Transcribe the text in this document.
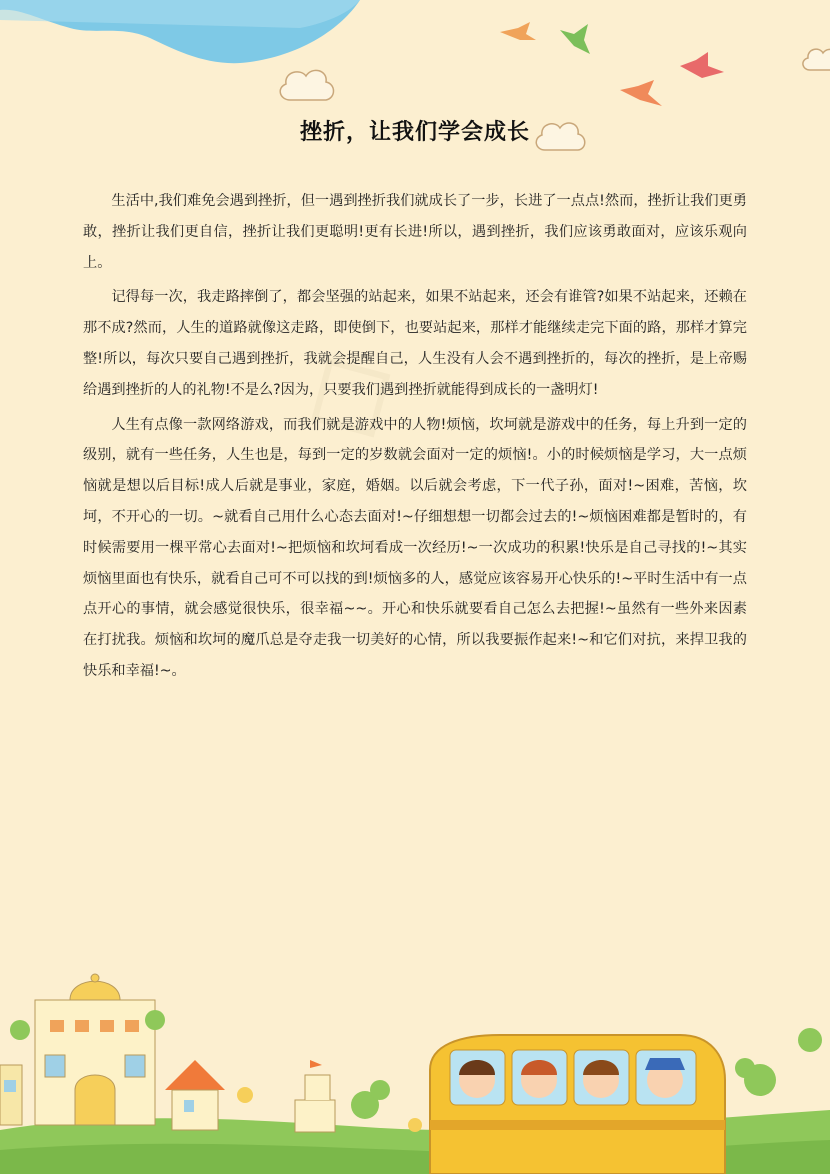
◇
挫折，让我们学会成长

生活中,我们难免会遇到挫折，但一遇到挫折我们就成长了一步，长进了一点点!然而，挫折让我们更勇敢，挫折让我们更自信，挫折让我们更聪明!更有长进!所以，遇到挫折，我们应该勇敢面对，应该乐观向上。

记得每一次，我走路摔倒了，都会坚强的站起来，如果不站起来，还会有谁管?如果不站起来，还赖在那不成?然而，人生的道路就像这走路，即使倒下，也要站起来，那样才能继续走完下面的路，那样才算完整!所以，每次只要自己遇到挫折，我就会提醒自己，人生没有人会不遇到挫折的，每次的挫折，是上帝赐给遇到挫折的人的礼物!不是么?因为，只要我们遇到挫折就能得到成长的一盏明灯!

人生有点像一款网络游戏，而我们就是游戏中的人物!烦恼，坎坷就是游戏中的任务，每上升到一定的级别，就有一些任务，人生也是，每到一定的岁数就会面对一定的烦恼!。小的时候烦恼是学习，大一点烦恼就是想以后目标!成人后就是事业，家庭，婚姻。以后就会考虑，下一代子孙，面对!~困难，苦恼，坎坷，不开心的一切。~就看自己用什么心态去面对!~仔细想想一切都会过去的!~烦恼困难都是暂时的，有时候需要用一棵平常心去面对!~把烦恼和坎坷看成一次经历!~一次成功的积累!快乐是自己寻找的!~其实烦恼里面也有快乐，就看自己可不可以找的到!烦恼多的人，感觉应该容易开心快乐的!~平时生活中有一点点开心的事情，就会感觉很快乐，很幸福~~。开心和快乐就要看自己怎么去把握!~虽然有一些外来因素在打扰我。烦恼和坎坷的魔爪总是夺走我一切美好的心情，所以我要振作起来!~和它们对抗，来捍卫我的快乐和幸福!~。
